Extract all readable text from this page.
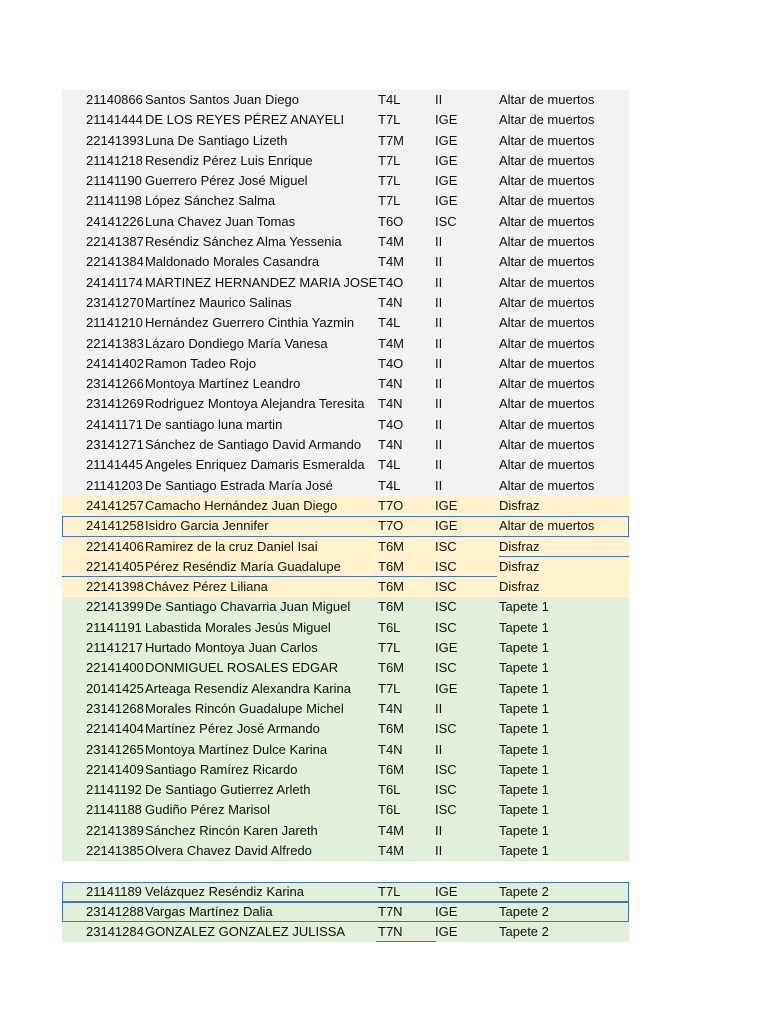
21140866 Santos Santos Juan Diego	T4L	II	Altar de muertos
21141444 DE LOS REYES PÉREZ ANAYELI	T7L	IGE	Altar de muertos
22141393 Luna De Santiago Lizeth	T7M IGE	Altar de muertos
21141218 Resendiz Pérez Luis Enrique	T7L	IGE	Altar de muertos
21141190 Guerrero Pérez José Miguel	T7L	IGE	Altar de muertos
21141198 López Sánchez Salma	T7L	IGE	Altar de muertos
24141226 Luna Chavez Juan Tomas	T6O ISC	Altar de muertos
22141387 Reséndiz Sánchez Alma Yessenia	T4M II	Altar de muertos
22141384 Maldonado Morales Casandra	T4M II	Altar de muertos
24141174 MARTINEZ HERNANDEZ MARIA JOSE T4O II	Altar de muertos
23141270 Martínez Maurico Salinas	T4N II	Altar de muertos
21141210 Hernández Guerrero Cinthia Yazmin T4L	II	Altar de muertos
22141383 Lázaro Dondiego María Vanesa	T4M II	Altar de muertos
24141402 Ramon Tadeo Rojo	T4O II	Altar de muertos
23141266 Montoya Martínez Leandro	T4N II	Altar de muertos
23141269 Rodriguez Montoya Alejandra Teresita T4N II	Altar de muertos
24141171 De santiago luna martin	T4O II	Altar de muertos
23141271 Sánchez de Santiago David Armando T4N II	Altar de muertos
21141445 Angeles Enriquez Damaris Esmeralda T4L	II	Altar de muertos
21141203 De Santiago Estrada María José	T4L	II	Altar de muertos
24141257 Camacho Hernández Juan Diego	T7O IGE	Disfraz
24141258 Isidro Garcia Jennifer	T7O IGE	Altar de muertos
22141406 Ramirez de la cruz Daniel Isai	T6M ISC	Disfraz
22141405 Pérez Reséndiz María Guadalupe	T6M ISC	Disfraz
22141398 Chávez Pérez Liliana	T6M ISC	Disfraz
22141399 De Santiago Chavarria Juan Miguel T6M ISC	Tapete 1
21141191 Labastida Morales Jesús Miguel	T6L	ISC	Tapete 1
21141217 Hurtado Montoya Juan Carlos	T7L	IGE	Tapete 1
22141400 DONMIGUEL ROSALES EDGAR	T6M ISC	Tapete 1
20141425 Arteaga Resendiz Alexandra Karina T7L	IGE	Tapete 1
23141268 Morales Rincón Guadalupe Michel	T4N II	Tapete 1
22141404 Martínez Pérez José Armando	T6M ISC	Tapete 1
23141265 Montoya Martínez Dulce Karina	T4N II	Tapete 1
22141409 Santiago Ramírez Ricardo	T6M ISC	Tapete 1
21141192 De Santiago Gutierrez Arleth	T6L	ISC	Tapete 1
21141188 Gudiño Pérez Marisol	T6L	ISC	Tapete 1
22141389 Sánchez Rincón Karen Jareth	T4M II	Tapete 1
22141385 Olvera Chavez David Alfredo	T4M II	Tapete 1
21141189 Velázquez Reséndiz Karina	T7L	IGE	Tapete 2
23141288 Vargas Martínez Dalia	T7N IGE	Tapete 2
23141284 GONZALEZ GONZALEZ JULISSA	T7N IGE	Tapete 2
